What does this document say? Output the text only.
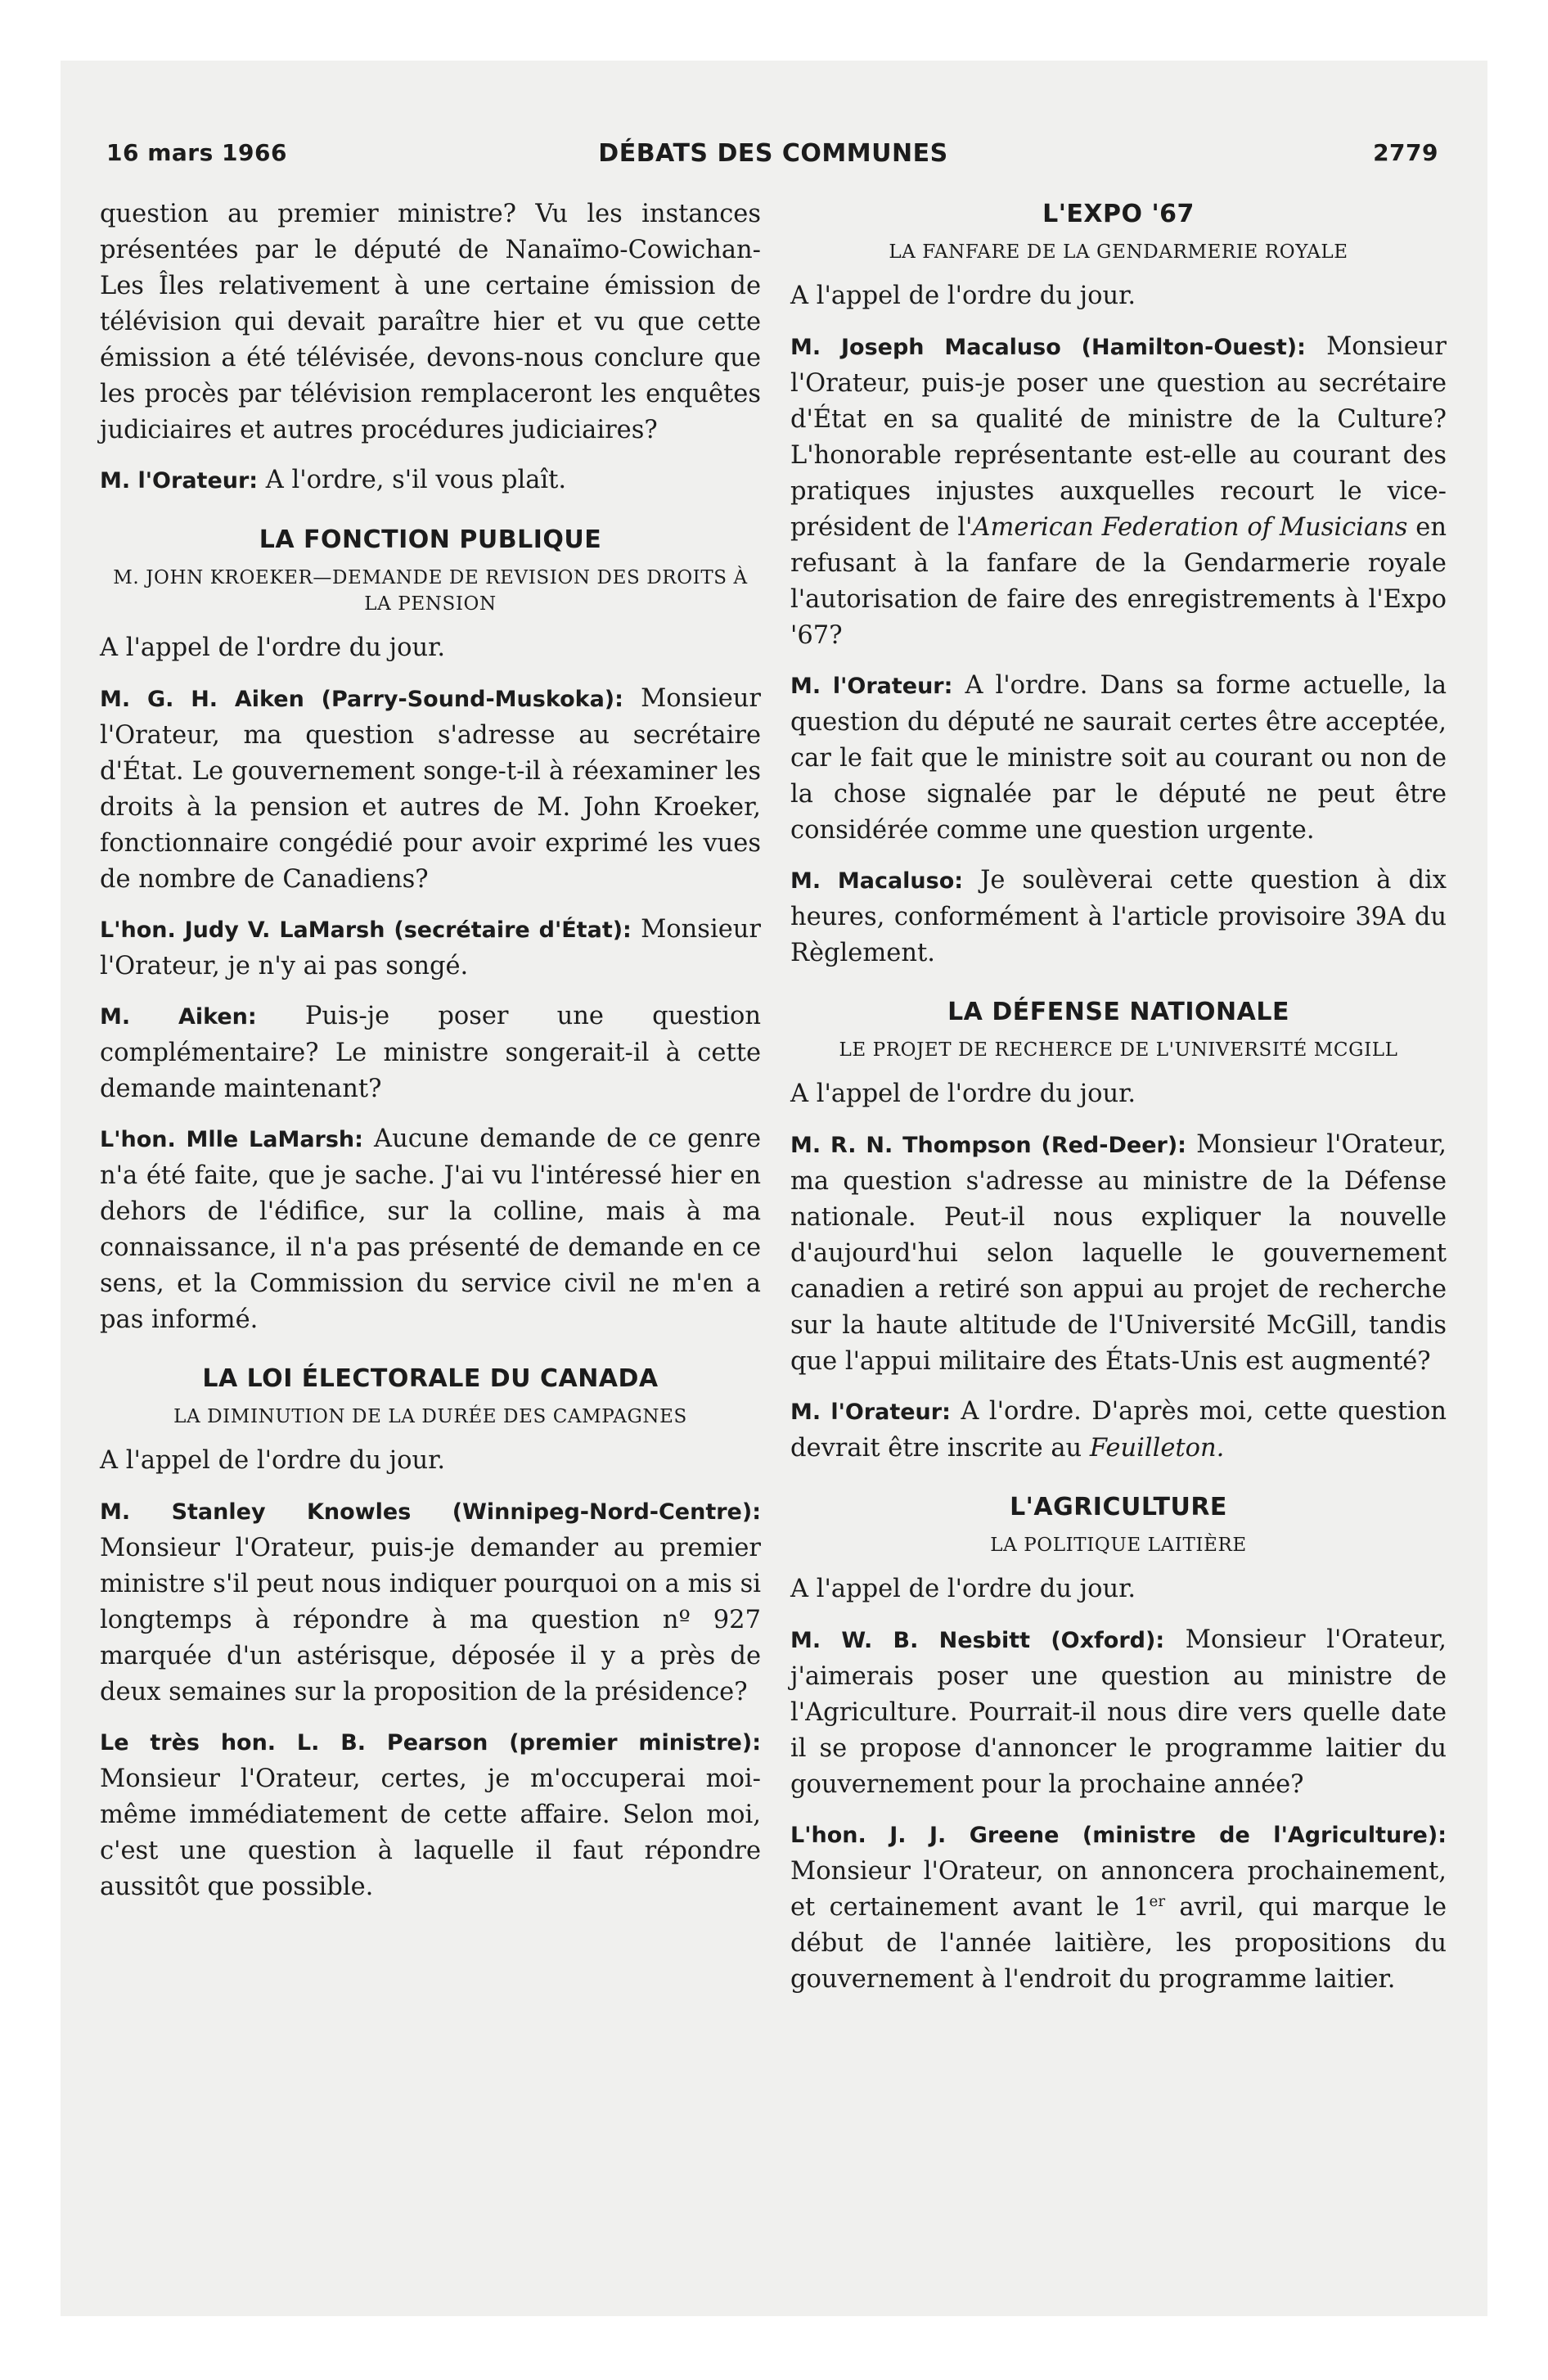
16 mars 1966	DÉBATS DES COMMUNES	2779

question au premier ministre? Vu les instances présentées par le député de Nanaïmo-Cowichan-Les Îles relativement à une certaine émission de télévision qui devait paraître hier et vu que cette émission a été télévisée, devons-nous conclure que les procès par télévision remplaceront les enquêtes judiciaires et autres procédures judiciaires?

M. l'Orateur: A l'ordre, s'il vous plaît.

LA FONCTION PUBLIQUE
M. JOHN KROEKER—DEMANDE DE REVISION DES DROITS À LA PENSION

A l'appel de l'ordre du jour.

M. G. H. Aiken (Parry-Sound-Muskoka): Monsieur l'Orateur, ma question s'adresse au secrétaire d'État. Le gouvernement songe-t-il à réexaminer les droits à la pension et autres de M. John Kroeker, fonctionnaire congédié pour avoir exprimé les vues de nombre de Canadiens?

L'hon. Judy V. LaMarsh (secrétaire d'État): Monsieur l'Orateur, je n'y ai pas songé.

M. Aiken: Puis-je poser une question complémentaire? Le ministre songerait-il à cette demande maintenant?

L'hon. Mlle LaMarsh: Aucune demande de ce genre n'a été faite, que je sache. J'ai vu l'intéressé hier en dehors de l'édifice, sur la colline, mais à ma connaissance, il n'a pas présenté de demande en ce sens, et la Commission du service civil ne m'en a pas informé.

LA LOI ÉLECTORALE DU CANADA
LA DIMINUTION DE LA DURÉE DES CAMPAGNES

A l'appel de l'ordre du jour.

M. Stanley Knowles (Winnipeg-Nord-Centre): Monsieur l'Orateur, puis-je demander au premier ministre s'il peut nous indiquer pourquoi on a mis si longtemps à répondre à ma question nº 927 marquée d'un astérisque, déposée il y a près de deux semaines sur la proposition de la présidence?

Le très hon. L. B. Pearson (premier ministre): Monsieur l'Orateur, certes, je m'occuperai moi-même immédiatement de cette affaire. Selon moi, c'est une question à laquelle il faut répondre aussitôt que possible.

L'EXPO '67
LA FANFARE DE LA GENDARMERIE ROYALE

A l'appel de l'ordre du jour.

M. Joseph Macaluso (Hamilton-Ouest): Monsieur l'Orateur, puis-je poser une question au secrétaire d'État en sa qualité de ministre de la Culture? L'honorable représentante est-elle au courant des pratiques injustes auxquelles recourt le vice-président de l'American Federation of Musicians en refusant à la fanfare de la Gendarmerie royale l'autorisation de faire des enregistrements à l'Expo '67?

M. l'Orateur: A l'ordre. Dans sa forme actuelle, la question du député ne saurait certes être acceptée, car le fait que le ministre soit au courant ou non de la chose signalée par le député ne peut être considérée comme une question urgente.

M. Macaluso: Je soulèverai cette question à dix heures, conformément à l'article provisoire 39A du Règlement.

LA DÉFENSE NATIONALE
LE PROJET DE RECHERCE DE L'UNIVERSITÉ MCGILL

A l'appel de l'ordre du jour.

M. R. N. Thompson (Red-Deer): Monsieur l'Orateur, ma question s'adresse au ministre de la Défense nationale. Peut-il nous expliquer la nouvelle d'aujourd'hui selon laquelle le gouvernement canadien a retiré son appui au projet de recherche sur la haute altitude de l'Université McGill, tandis que l'appui militaire des États-Unis est augmenté?

M. l'Orateur: A l'ordre. D'après moi, cette question devrait être inscrite au Feuilleton.

L'AGRICULTURE
LA POLITIQUE LAITIÈRE

A l'appel de l'ordre du jour.

M. W. B. Nesbitt (Oxford): Monsieur l'Orateur, j'aimerais poser une question au ministre de l'Agriculture. Pourrait-il nous dire vers quelle date il se propose d'annoncer le programme laitier du gouvernement pour la prochaine année?

L'hon. J. J. Greene (ministre de l'Agriculture): Monsieur l'Orateur, on annoncera prochainement, et certainement avant le 1er avril, qui marque le début de l'année laitière, les propositions du gouvernement à l'endroit du programme laitier.
